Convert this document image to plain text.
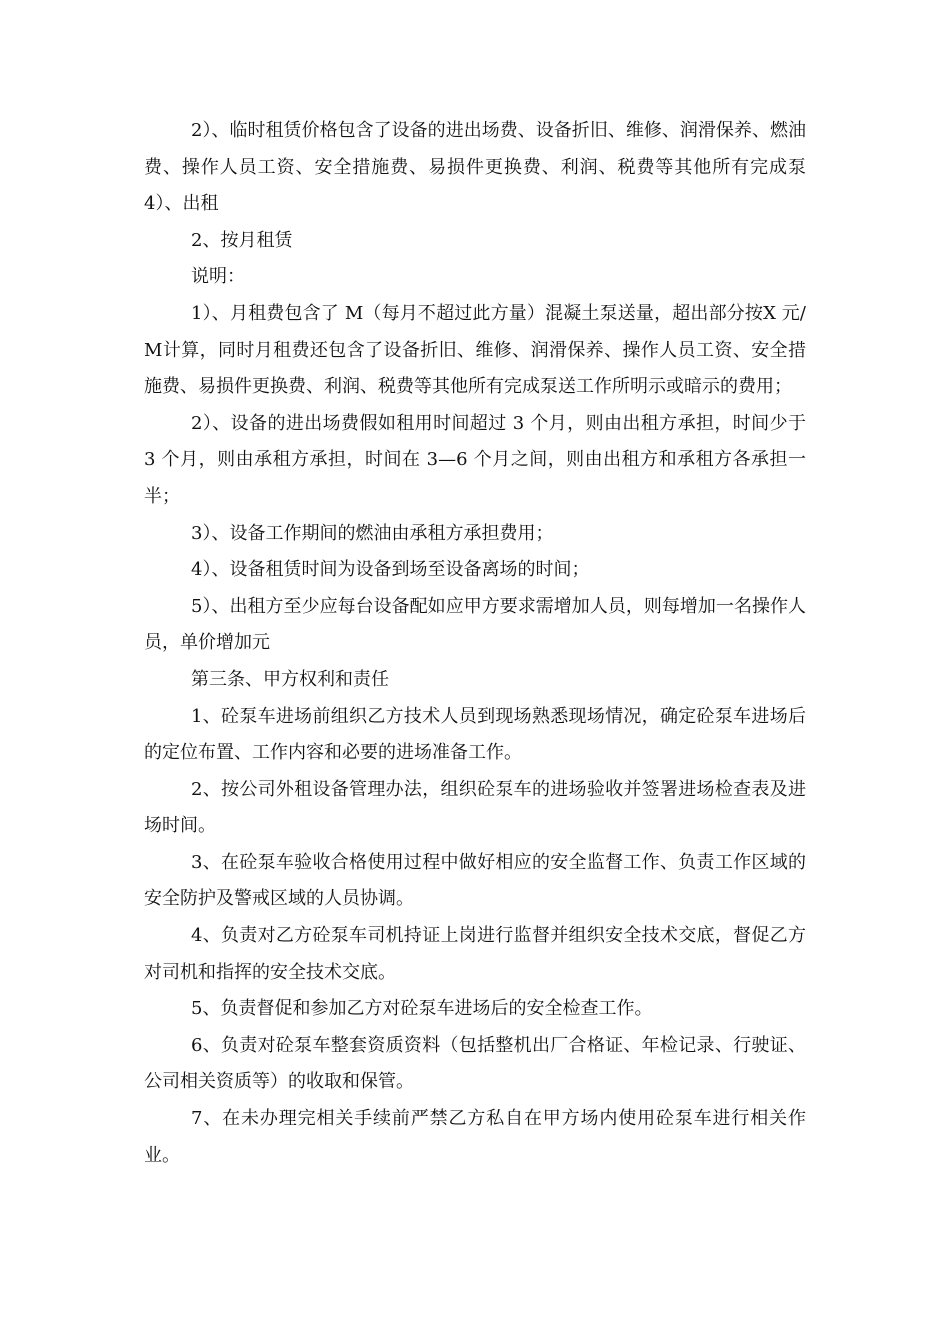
2）、临时租赁价格包含了设备的进出场费、设备折旧、维修、润滑保养、燃油费、操作人员工资、安全措施费、易损件更换费、利润、税费等其他所有完成泵4）、出租

2、按月租赁

说明：

1）、月租费包含了 M（每月不超过此方量）混凝土泵送量，超出部分按X 元/M计算，同时月租费还包含了设备折旧、维修、润滑保养、操作人员工资、安全措施费、易损件更换费、利润、税费等其他所有完成泵送工作所明示或暗示的费用；

2）、设备的进出场费假如租用时间超过 3 个月，则由出租方承担，时间少于 3 个月，则由承租方承担，时间在 3—6 个月之间，则由出租方和承租方各承担一半；

3）、设备工作期间的燃油由承租方承担费用；

4）、设备租赁时间为设备到场至设备离场的时间；

5）、出租方至少应每台设备配如应甲方要求需增加人员，则每增加一名操作人员，单价增加元

第三条、甲方权利和责任

1、砼泵车进场前组织乙方技术人员到现场熟悉现场情况，确定砼泵车进场后的定位布置、工作内容和必要的进场准备工作。

2、按公司外租设备管理办法，组织砼泵车的进场验收并签署进场检查表及进场时间。

3、在砼泵车验收合格使用过程中做好相应的安全监督工作、负责工作区域的安全防护及警戒区域的人员协调。

4、负责对乙方砼泵车司机持证上岗进行监督并组织安全技术交底，督促乙方对司机和指挥的安全技术交底。

5、负责督促和参加乙方对砼泵车进场后的安全检查工作。

6、负责对砼泵车整套资质资料（包括整机出厂合格证、年检记录、行驶证、公司相关资质等）的收取和保管。

7、在未办理完相关手续前严禁乙方私自在甲方场内使用砼泵车进行相关作业。
